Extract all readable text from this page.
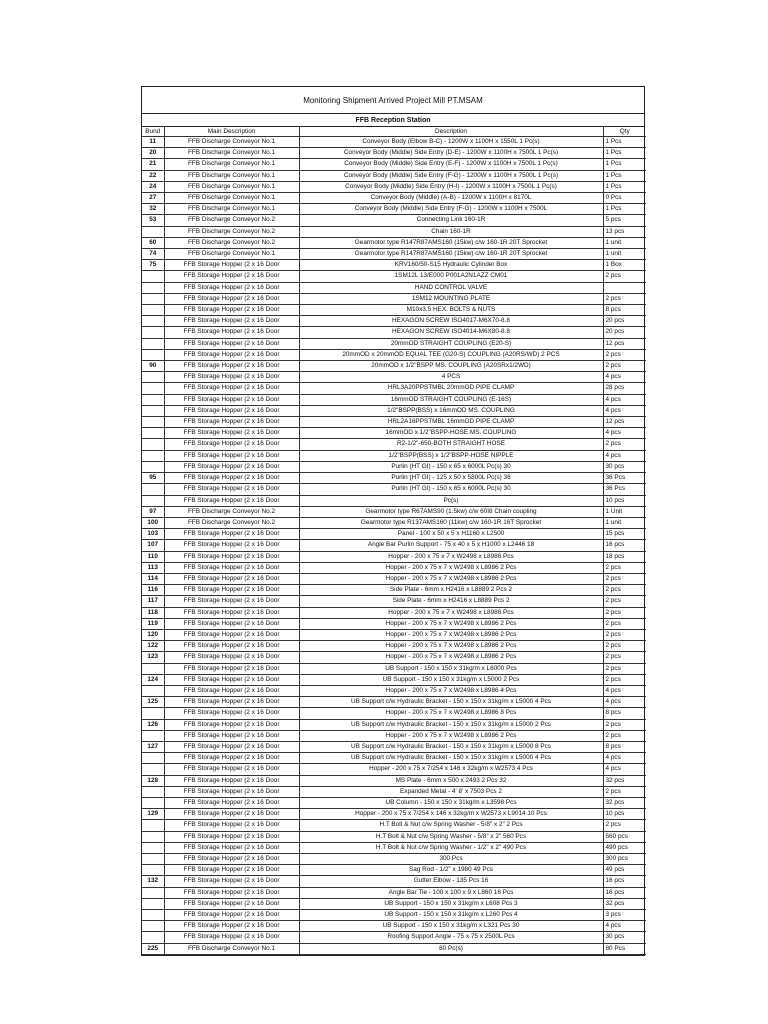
Monitoring Shipment Arrived Project Mill PT.MSAM
FFB Reception Station
Bund	Main Description	Description	Qty
11	FFB Discharge Conveyor No.1	Conveyor Body (Elbow B-C) - 1200W x 1100H x 1550L 1 Pc(s)	1 Pcs
20	FFB Discharge Conveyor No.1	Conveyor Body (Middle) Side Entry (D-E) - 1200W x 1100H x 7500L 1 Pc(s)	1 Pcs
21	FFB Discharge Conveyor No.1	Conveyor Body (Middle) Side Entry (E-F) - 1200W x 1100H x 7500L 1 Pc(s)	1 Pcs
22	FFB Discharge Conveyor No.1	Conveyor Body (Middle) Side Entry (F-G) - 1200W x 1100H x 7500L 1 Pc(s)	1 Pcs
24	FFB Discharge Conveyor No.1	Conveyor Body (Middle) Side Entry (H-I) - 1200W x 1100H x 7500L 1 Pc(s)	1 Pcs
27	FFB Discharge Conveyor No.1	Conveyor Body (Middle) (A-B) - 1200W x 1100H x 8170L	0 Pcs
32	FFB Discharge Conveyor No.1	Conveyor Body (Middle) Side Entry (F-G) - 1200W x 1100H x 7500L	1 Pcs
53	FFB Discharge Conveyor No.2	Connecting Link 160-1R	5 pcs
	FFB Discharge Conveyor No.2	Chain 160-1R	13 pcs
60	FFB Discharge Conveyor No.2	Gearmotor type R147R87AMS160 (15kw) c/w 160-1R 20T Sprocket	1 unit
74	FFB Discharge Conveyor No.1	Gearmotor type R147R87AMS160 (15kw) c/w 160-1R 20T Sprocket	1 unit
75	FFB Storage Hopper (2 x 16 Door	KRV160/50-S15 Hydraulic Cylinder Box	1 Box
	FFB Storage Hopper (2 x 16 Door	1SM12L 13/E000 P001A2N1AZZ CM01	2 pcs
	FFB Storage Hopper (2 x 16 Door	HAND CONTROL VALVE	
	FFB Storage Hopper (2 x 16 Door	1SM12 MOUNTING PLATE	2 pcs
	FFB Storage Hopper (2 x 16 Door	M10x3.5 HEX. BOLTS & NUTS	8 pcs
	FFB Storage Hopper (2 x 16 Door	HEXAGON SCREW ISO4017-M6X70-8.8	20 pcs
	FFB Storage Hopper (2 x 16 Door	HEXAGON SCREW ISO4014-M6X80-8.8	20 pcs
	FFB Storage Hopper (2 x 16 Door	20mmOD STRAIGHT COUPLING (E20-S)	12 pcs
	FFB Storage Hopper (2 x 16 Door	20mmOD x 20mmOD EQUAL TEE (G20-S) COUPLING (A20RS/WD) 2 PCS	2 pcs
90	FFB Storage Hopper (2 x 16 Door	20mmOD x 1/2"BSPP MS. COUPLING (A20SRx1/2WD)	2 pcs
	FFB Storage Hopper (2 x 16 Door	4 PCS	4 pcs
	FFB Storage Hopper (2 x 16 Door	HRL3A20PPSTMBL 20mmOD PIPE CLAMP	28 pcs
	FFB Storage Hopper (2 x 16 Door	16mmOD STRAIGHT COUPLING (E-16S)	4 pcs
	FFB Storage Hopper (2 x 16 Door	1/2"BSPP(BSS) x 16mmOD MS. COUPLING	4 pcs
	FFB Storage Hopper (2 x 16 Door	HRL2A16PPSTMBL 16mmOD PIPE CLAMP	12 pcs
	FFB Storage Hopper (2 x 16 Door	16mmOD x 1/2"BSPP-HOSE MS. COUPLING	4 pcs
	FFB Storage Hopper (2 x 16 Door	R2-1/2"-650-BOTH STRAIGHT HOSE	2 pcs
	FFB Storage Hopper (2 x 16 Door	1/2"BSPP(BSS) x 1/2"BSPP-HOSE NIPPLE	4 pcs
	FFB Storage Hopper (2 x 16 Door	Purlin (HT GI) - 150 x 65 x 6000L Pc(s) 30	30 pcs
95	FFB Storage Hopper (2 x 16 Door	Purlin (HT GI) - 125 x 50 x 5800L Pc(s) 36	36 Pcs
	FFB Storage Hopper (2 x 16 Door	Purlin (HT GI) - 150 x 65 x 6000L Pc(s) 30	36 Pcs
	FFB Storage Hopper (2 x 16 Door	Pc(s)	10 pcs
97	FFB Discharge Conveyor No.2	Gearmotor type R67AMS90 (1.5kw) c/w 60I8 Chain coupling	1 Unit
100	FFB Discharge Conveyor No.2	Gearmotor type R137AMS160 (11kw) c/w 160-1R 16T Sprocket	1 unit
103	FFB Storage Hopper (2 x 16 Door	Panel - 100 x 50 x 5 x H1160 x L2500	15 pcs
107	FFB Storage Hopper (2 x 16 Door	Angle Bar Purlin Support - 75 x 40 x 5 x H1000 x L2446 18	16 pcs
110	FFB Storage Hopper (2 x 16 Door	Hopper - 200 x 75 x 7 x W2498 x L8986 Pcs	18 pcs
113	FFB Storage Hopper (2 x 16 Door	Hopper - 200 x 75 x 7 x W2498 x L8986 2 Pcs	2 pcs
114	FFB Storage Hopper (2 x 16 Door	Hopper - 200 x 75 x 7 x W2498 x L8986 2 Pcs	2 pcs
116	FFB Storage Hopper (2 x 16 Door	Side Plate - 6mm x H2416 x L8889 2 Pcs 2	2 pcs
117	FFB Storage Hopper (2 x 16 Door	Side Plate - 6mm x H2416 x L8889 Pcs 2	2 pcs
118	FFB Storage Hopper (2 x 16 Door	Hopper - 200 x 75 x 7 x W2498 x L8986 Pcs	2 pcs
119	FFB Storage Hopper (2 x 16 Door	Hopper - 200 x 75 x 7 x W2498 x L8986 2 Pcs	2 pcs
120	FFB Storage Hopper (2 x 16 Door	Hopper - 200 x 75 x 7 x W2498 x L8986 2 Pcs	2 pcs
122	FFB Storage Hopper (2 x 16 Door	Hopper - 200 x 75 x 7 x W2498 x L8986 2 Pcs	2 pcs
123	FFB Storage Hopper (2 x 16 Door	Hopper - 200 x 75 x 7 x W2498 x L8986 2 Pcs	2 pcs
	FFB Storage Hopper (2 x 16 Door	UB Support - 150 x 150 x 31kg/m x L6000 Pcs	2 pcs
124	FFB Storage Hopper (2 x 16 Door	UB Support - 150 x 150 x 31kg/m x L5000 2 Pcs	2 pcs
	FFB Storage Hopper (2 x 16 Door	Hopper - 200 x 75 x 7 x W2498 x L8986 4 Pcs	4 pcs
125	FFB Storage Hopper (2 x 16 Door	UB Support c/w Hydraulic Bracket - 150 x 150 x 31kg/m x L5000 4 Pcs	4 pcs
	FFB Storage Hopper (2 x 16 Door	Hopper - 200 x 75 x 7 x W2498 x L8986 8 Pcs	8 pcs
126	FFB Storage Hopper (2 x 16 Door	UB Support c/w Hydraulic Bracket - 150 x 150 x 31kg/m x L5000 2 Pcs	2 pcs
	FFB Storage Hopper (2 x 16 Door	Hopper - 200 x 75 x 7 x W2498 x L8986 2 Pcs	2 pcs
127	FFB Storage Hopper (2 x 16 Door	UB Support c/w Hydraulic Bracket - 150 x 150 x 31kg/m x L5000 8 Pcs	8 pcs
	FFB Storage Hopper (2 x 16 Door	UB Support c/w Hydraulic Bracket - 150 x 150 x 31kg/m x L5000 4 Pcs	4 pcs
	FFB Storage Hopper (2 x 16 Door	Hopper - 200 x 75 x 7/254 x 146 x 32kg/m x W2573 4 Pcs	4 pcs
128	FFB Storage Hopper (2 x 16 Door	MS Plate - 6mm x 500 x 2493 2 Pcs 32	32 pcs
	FFB Storage Hopper (2 x 16 Door	Expanded Metal - 4' 8' x 7503 Pcs 2	2 pcs
	FFB Storage Hopper (2 x 16 Door	UB Column - 150 x 150 x 31kg/m x L3598 Pcs	32 pcs
129	FFB Storage Hopper (2 x 16 Door	Hopper - 200 x 75 x 7/254 x 146 x 32kg/m x W2573 x L9014 10 Pcs	10 pcs
	FFB Storage Hopper (2 x 16 Door	H.T Bolt & Nut c/w Spring Washer - 5/8" x 2" 2 Pcs	2 pcs
	FFB Storage Hopper (2 x 16 Door	H.T Bolt & Nut c/w Spring Washer - 5/8" x 2" 560 Pcs	560 pcs
	FFB Storage Hopper (2 x 16 Door	H.T Bolt & Nut c/w Spring Washer - 1/2" x 2" 490 Pcs	490 pcs
	FFB Storage Hopper (2 x 16 Door	300 Pcs	300 pcs
	FFB Storage Hopper (2 x 16 Door	Sag Rod - 1/2" x 1980 49 Pcs	49 pcs
132	FFB Storage Hopper (2 x 16 Door	Gutter Elbow - 135 Pcs 16	16 pcs
	FFB Storage Hopper (2 x 16 Door	Angle Bar Tie - 100 x 100 x 9 x L860 16 Pcs	16 pcs
	FFB Storage Hopper (2 x 16 Door	UB Support - 150 x 150 x 31kg/m x L608 Pcs 3	32 pcs
	FFB Storage Hopper (2 x 16 Door	UB Support - 150 x 150 x 31kg/m x L260 Pcs 4	3 pcs
	FFB Storage Hopper (2 x 16 Door	UB Support - 150 x 150 x 31kg/m x L321 Pcs 30	4 pcs
	FFB Storage Hopper (2 x 16 Door	Roofing Support Angle - 75 x 75 x 2500L Pcs	30 pcs
225	FFB Discharge Conveyor No.1	80 Pc(s)	80 Pcs
